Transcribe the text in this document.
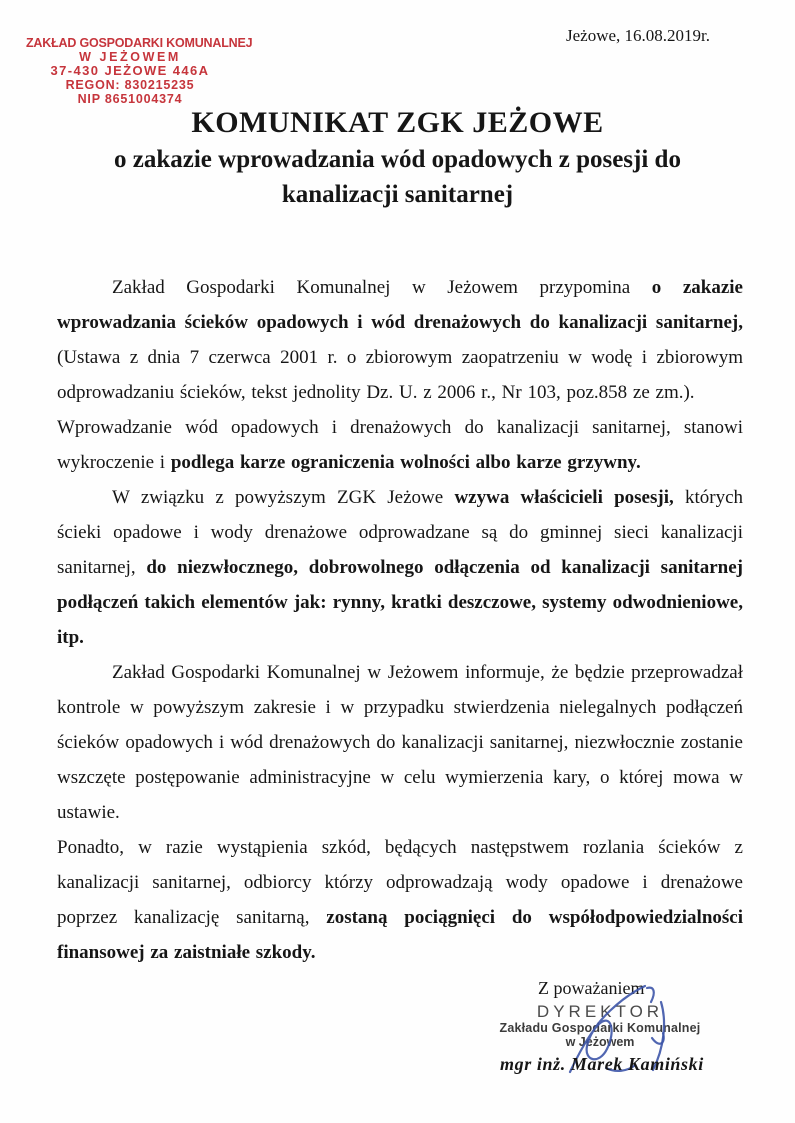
ZAKŁAD GOSPODARKI KOMUNALNEJ
W JEŻOWEM
37-430 JEŻOWE 446A
REGON: 830215235
NIP 8651004374
Jeżowe, 16.08.2019r.
KOMUNIKAT ZGK JEŻOWE
o zakazie wprowadzania wód opadowych z posesji do
kanalizacji sanitarnej

Zakład Gospodarki Komunalnej w Jeżowem przypomina o zakazie wprowadzania ścieków opadowych i wód drenażowych do kanalizacji sanitarnej, (Ustawa z dnia 7 czerwca 2001 r. o zbiorowym zaopatrzeniu w wodę i zbiorowym odprowadzaniu ścieków, tekst jednolity Dz. U. z 2006 r., Nr 103, poz.858 ze zm.).

Wprowadzanie wód opadowych i drenażowych do kanalizacji sanitarnej, stanowi wykroczenie i podlega karze ograniczenia wolności albo karze grzywny.

W związku z powyższym ZGK Jeżowe wzywa właścicieli posesji, których ścieki opadowe i wody drenażowe odprowadzane są do gminnej sieci kanalizacji sanitarnej, do niezwłocznego, dobrowolnego odłączenia od kanalizacji sanitarnej podłączeń takich elementów jak: rynny, kratki deszczowe, systemy odwodnieniowe, itp.

Zakład Gospodarki Komunalnej w Jeżowem informuje, że będzie przeprowadzał kontrole w powyższym zakresie i w przypadku stwierdzenia nielegalnych podłączeń ścieków opadowych i wód drenażowych do kanalizacji sanitarnej, niezwłocznie zostanie wszczęte postępowanie administracyjne w celu wymierzenia kary, o której mowa w ustawie.

Ponadto, w razie wystąpienia szkód, będących następstwem rozlania ścieków z kanalizacji sanitarnej, odbiorcy którzy odprowadzają wody opadowe i drenażowe poprzez kanalizację sanitarną, zostaną pociągnięci do współodpowiedzialności finansowej za zaistniałe szkody.

Z poważaniem
DYREKTOR
Zakładu Gospodarki Komunalnej
w Jeżowem
mgr inż. Marek Kamiński
